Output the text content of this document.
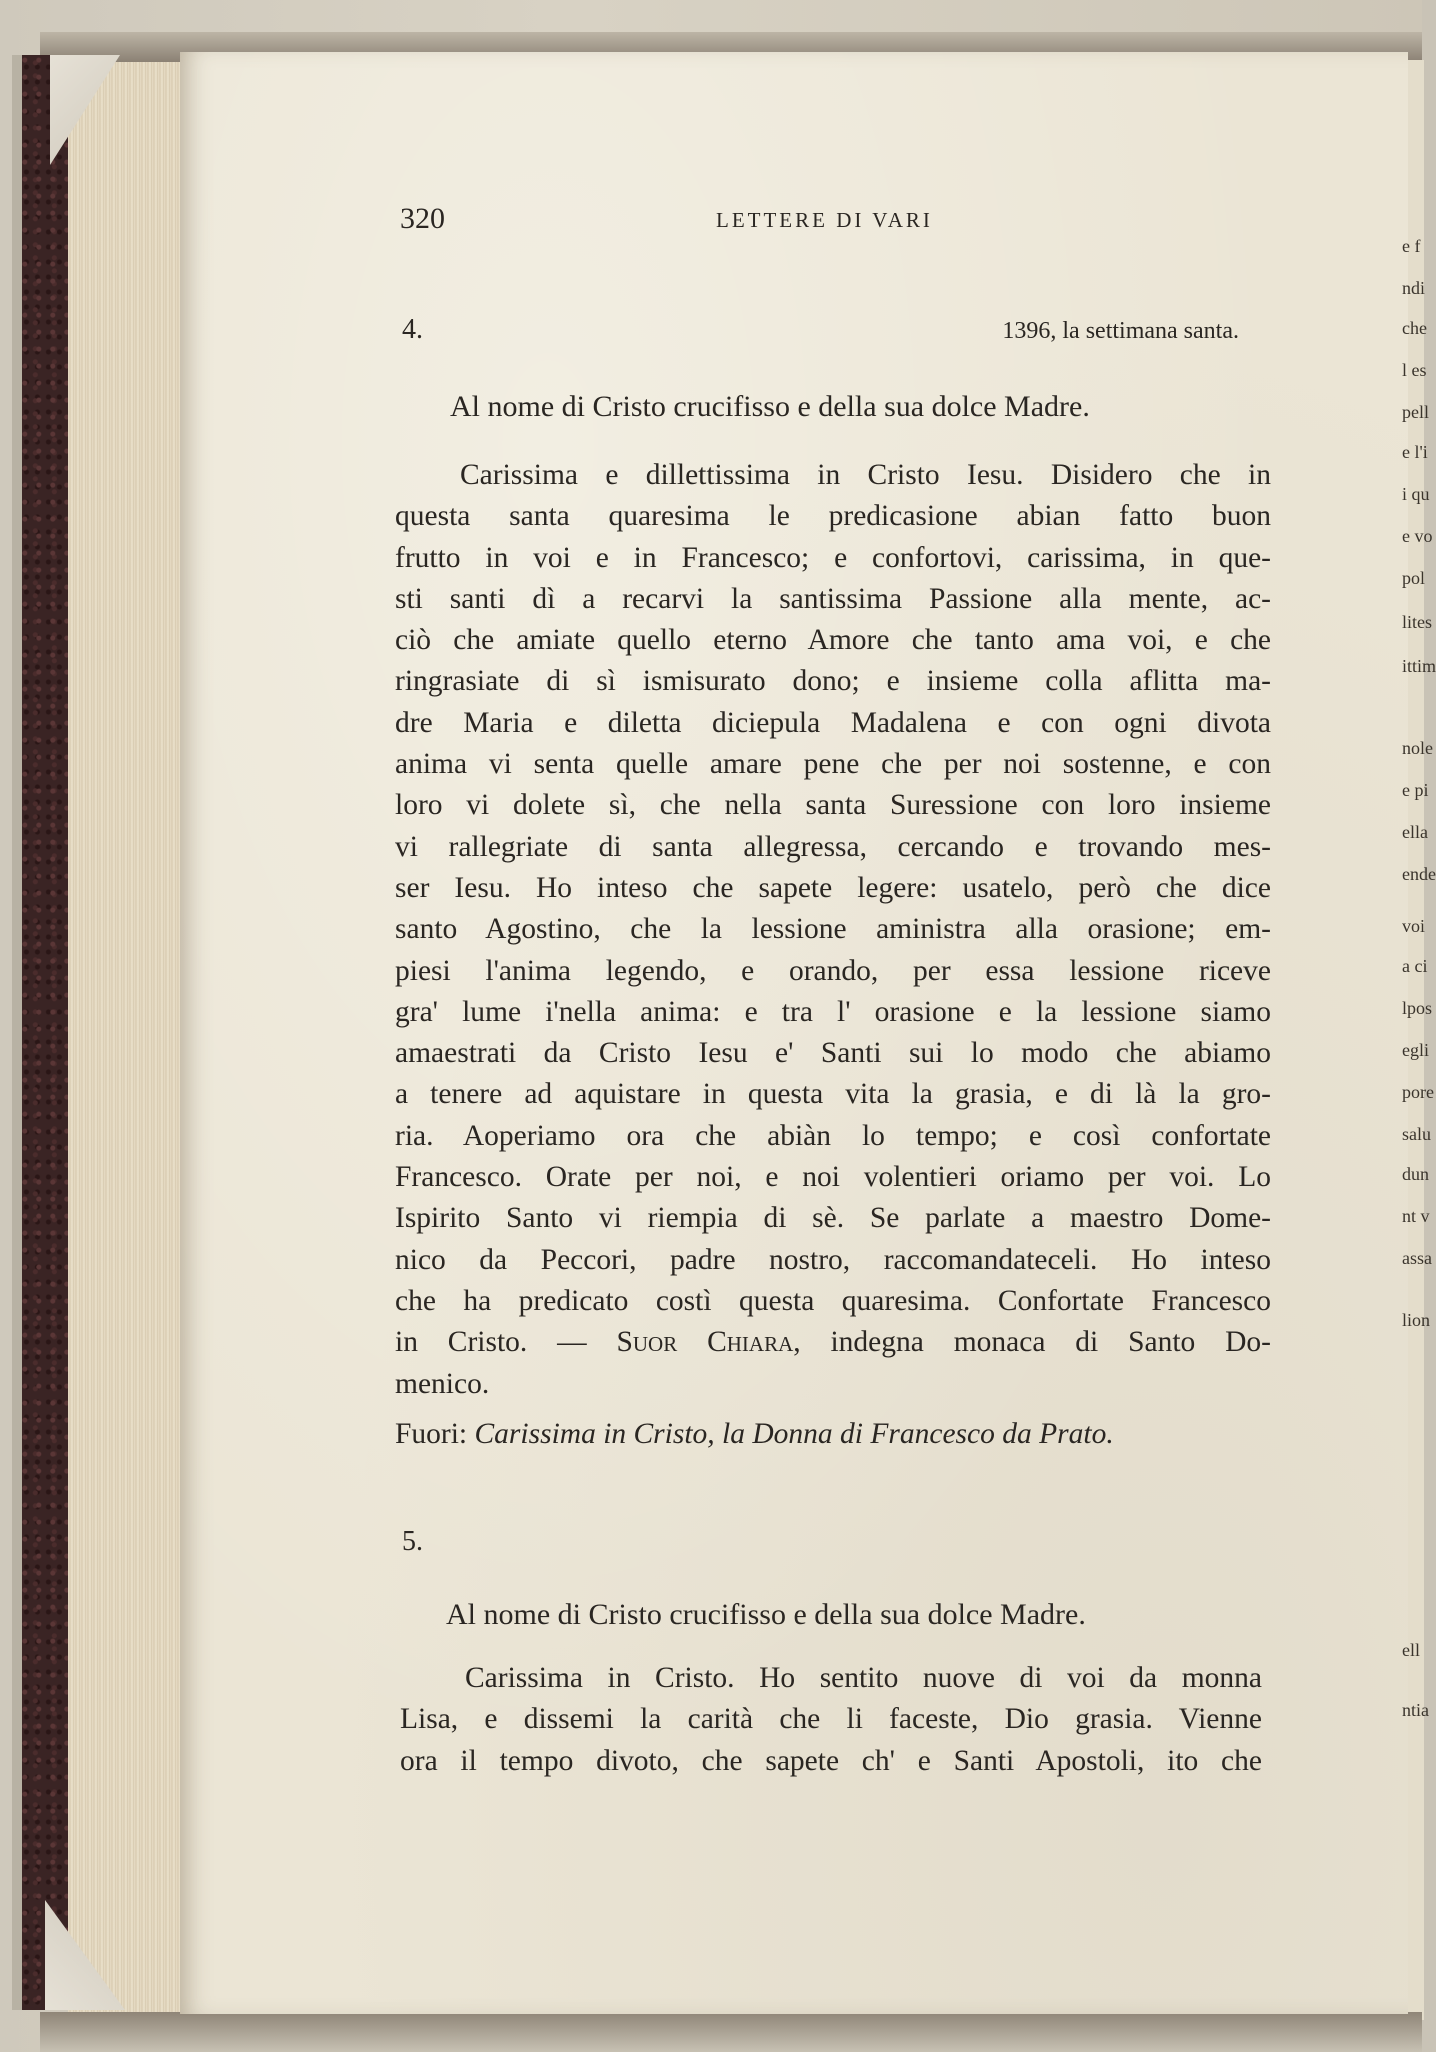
320	LETTERE DI VARI
4.	1396, la settimana santa.
Al nome di Cristo crucifisso e della sua dolce Madre.
Carissima e dillettissima in Cristo Iesu. Disidero che in
questa santa quaresima le predicasione abian fatto buon
frutto in voi e in Francesco; e confortovi, carissima, in que-
sti santi dì a recarvi la santissima Passione alla mente, ac-
ciò che amiate quello eterno Amore che tanto ama voi, e che
ringrasiate di sì ismisurato dono; e insieme colla aflitta ma-
dre Maria e diletta diciepula Madalena e con ogni divota
anima vi senta quelle amare pene che per noi sostenne, e con
loro vi dolete sì, che nella santa Suressione con loro insieme
vi rallegriate di santa allegressa, cercando e trovando mes-
ser Iesu. Ho inteso che sapete legere: usatelo, però che dice
santo Agostino, che la lessione aministra alla orasione; em-
piesi l'anima legendo, e orando, per essa lessione riceve
gra' lume i'nella anima: e tra l' orasione e la lessione siamo
amaestrati da Cristo Iesu e' Santi sui lo modo che abiamo
a tenere ad aquistare in questa vita la grasia, e di là la gro-
ria. Aoperiamo ora che abiàn lo tempo; e così confortate
Francesco. Orate per noi, e noi volentieri oriamo per voi. Lo
Ispirito Santo vi riempia di sè. Se parlate a maestro Dome-
nico da Peccori, padre nostro, raccomandateceli. Ho inteso
che ha predicato costì questa quaresima. Confortate Francesco
in Cristo. — Suor Chiara, indegna monaca di Santo Do-
menico.
Fuori: Carissima in Cristo, la Donna di Francesco da Prato.
5.
Al nome di Cristo crucifisso e della sua dolce Madre.
Carissima in Cristo. Ho sentito nuove di voi da monna
Lisa, e dissemi la carità che li faceste, Dio grasia. Vienne
ora il tempo divoto, che sapete ch' e Santi Apostoli, ito che
e f
ndi
che
l es
pell
e l'i
i qu
e vo
pol
lites
ittim
nole
e pi
ella
ende
voi
a ci
lpos
egli
pore
salu
dun
nt v
assa
lion
ell
ntia
